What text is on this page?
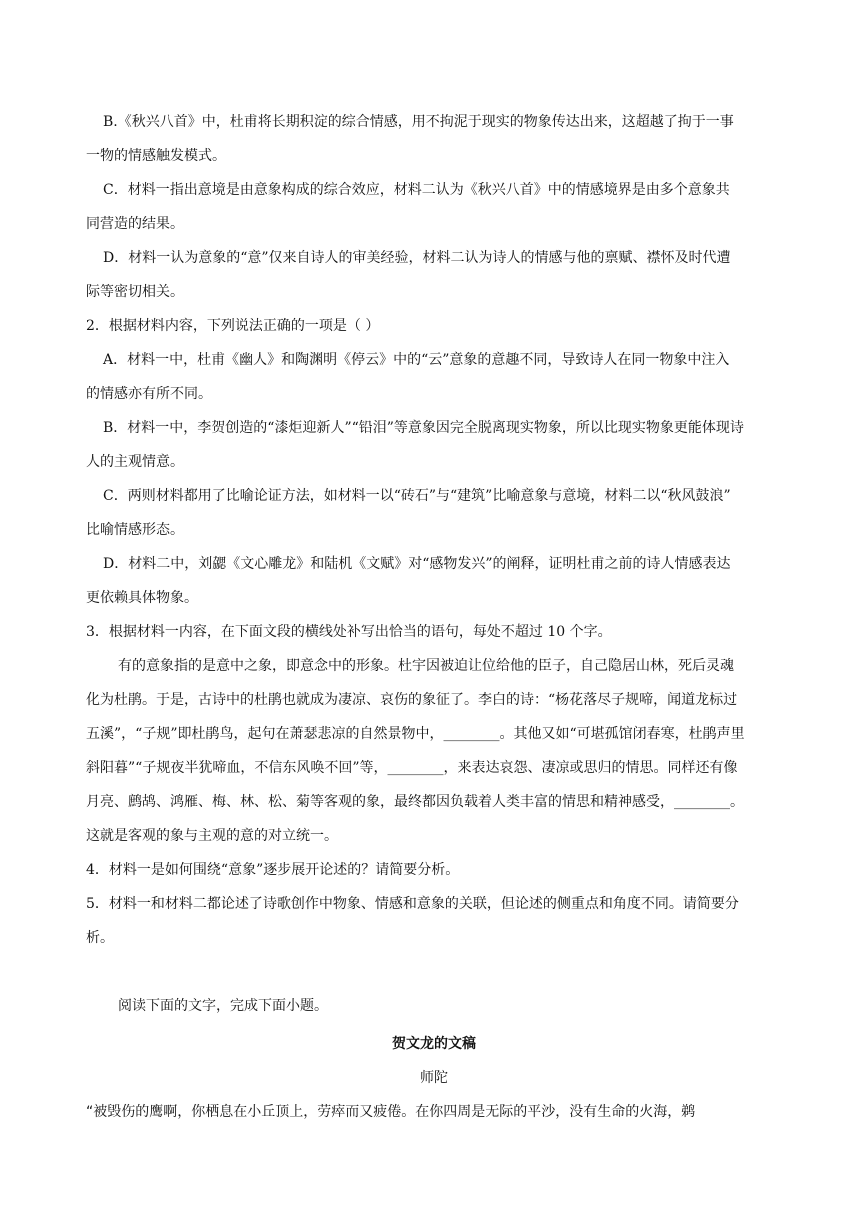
B.《秋兴八首》中，杜甫将长期积淀的综合情感，用不拘泥于现实的物象传达出来，这超越了拘于一事
一物的情感触发模式。
C．材料一指出意境是由意象构成的综合效应，材料二认为《秋兴八首》中的情感境界是由多个意象共
同营造的结果。
D．材料一认为意象的“意”仅来自诗人的审美经验，材料二认为诗人的情感与他的禀赋、襟怀及时代遭
际等密切相关。
2．根据材料内容，下列说法正确的一项是（ ）
A．材料一中，杜甫《幽人》和陶渊明《停云》中的“云”意象的意趣不同，导致诗人在同一物象中注入
的情感亦有所不同。
B．材料一中，李贺创造的“漆炬迎新人”“铅泪”等意象因完全脱离现实物象，所以比现实物象更能体现诗
人的主观情意。
C．两则材料都用了比喻论证方法，如材料一以“砖石”与“建筑”比喻意象与意境，材料二以“秋风鼓浪”
比喻情感形态。
D．材料二中，刘勰《文心雕龙》和陆机《文赋》对“感物发兴”的阐释，证明杜甫之前的诗人情感表达
更依赖具体物象。
3．根据材料一内容，在下面文段的横线处补写出恰当的语句，每处不超过 10 个字。
有的意象指的是意中之象，即意念中的形象。杜宇因被迫让位给他的臣子，自己隐居山林，死后灵魂
化为杜鹃。于是，古诗中的杜鹃也就成为凄凉、哀伤的象征了。李白的诗：“杨花落尽子规啼，闻道龙标过
五溪”，“子规”即杜鹃鸟，起句在萧瑟悲凉的自然景物中，________。其他又如“可堪孤馆闭春寒，杜鹃声里
斜阳暮”“子规夜半犹啼血，不信东风唤不回”等，________，来表达哀怨、凄凉或思归的情思。同样还有像
月亮、鹧鸪、鸿雁、梅、林、松、菊等客观的象，最终都因负载着人类丰富的情思和精神感受，________。
这就是客观的象与主观的意的对立统一。
4．材料一是如何围绕“意象”逐步展开论述的？请简要分析。
5．材料一和材料二都论述了诗歌创作中物象、情感和意象的关联，但论述的侧重点和角度不同。请简要分
析。
阅读下面的文字，完成下面小题。
贺文龙的文稿
师陀
“被毁伤的鹰啊，你栖息在小丘顶上，劳瘁而又疲倦。在你四周是无际的平沙，没有生命的火海，鹈
